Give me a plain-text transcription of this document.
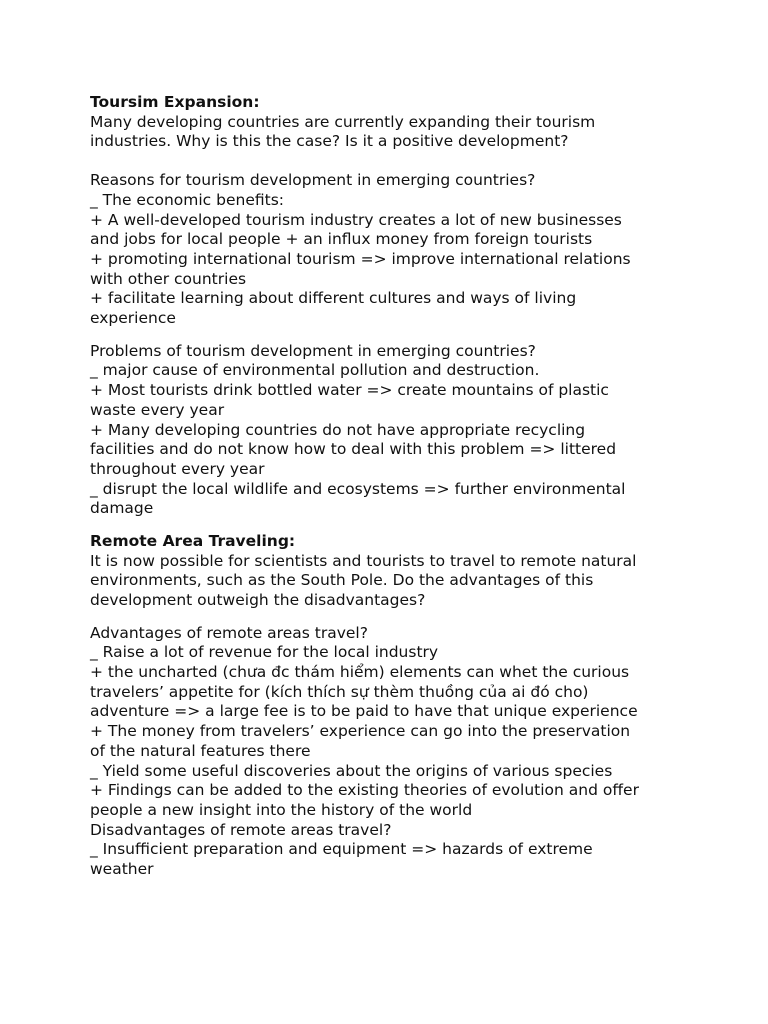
Toursim Expansion:
Many developing countries are currently expanding their tourism
industries. Why is this the case? Is it a positive development?
Reasons for tourism development in emerging countries?
_ The economic benefits:
+ A well-developed tourism industry creates a lot of new businesses
and jobs for local people + an influx money from foreign tourists
+ promoting international tourism => improve international relations
with other countries
+ facilitate learning about different cultures and ways of living
experience
Problems of tourism development in emerging countries?
_ major cause of environmental pollution and destruction.
+ Most tourists drink bottled water => create mountains of plastic
waste every year
+ Many developing countries do not have appropriate recycling
facilities and do not know how to deal with this problem => littered
throughout every year
_ disrupt the local wildlife and ecosystems => further environmental
damage
Remote Area Traveling:
It is now possible for scientists and tourists to travel to remote natural
environments, such as the South Pole. Do the advantages of this
development outweigh the disadvantages?
Advantages of remote areas travel?
_ Raise a lot of revenue for the local industry
+ the uncharted (chưa đc thám hiểm) elements can whet the curious
travelers’ appetite for (kích thích sự thèm thuồng của ai đó cho)
adventure => a large fee is to be paid to have that unique experience
+ The money from travelers’ experience can go into the preservation
of the natural features there
_ Yield some useful discoveries about the origins of various species
+ Findings can be added to the existing theories of evolution and offer
people a new insight into the history of the world
Disadvantages of remote areas travel?
_ Insufficient preparation and equipment => hazards of extreme
weather
